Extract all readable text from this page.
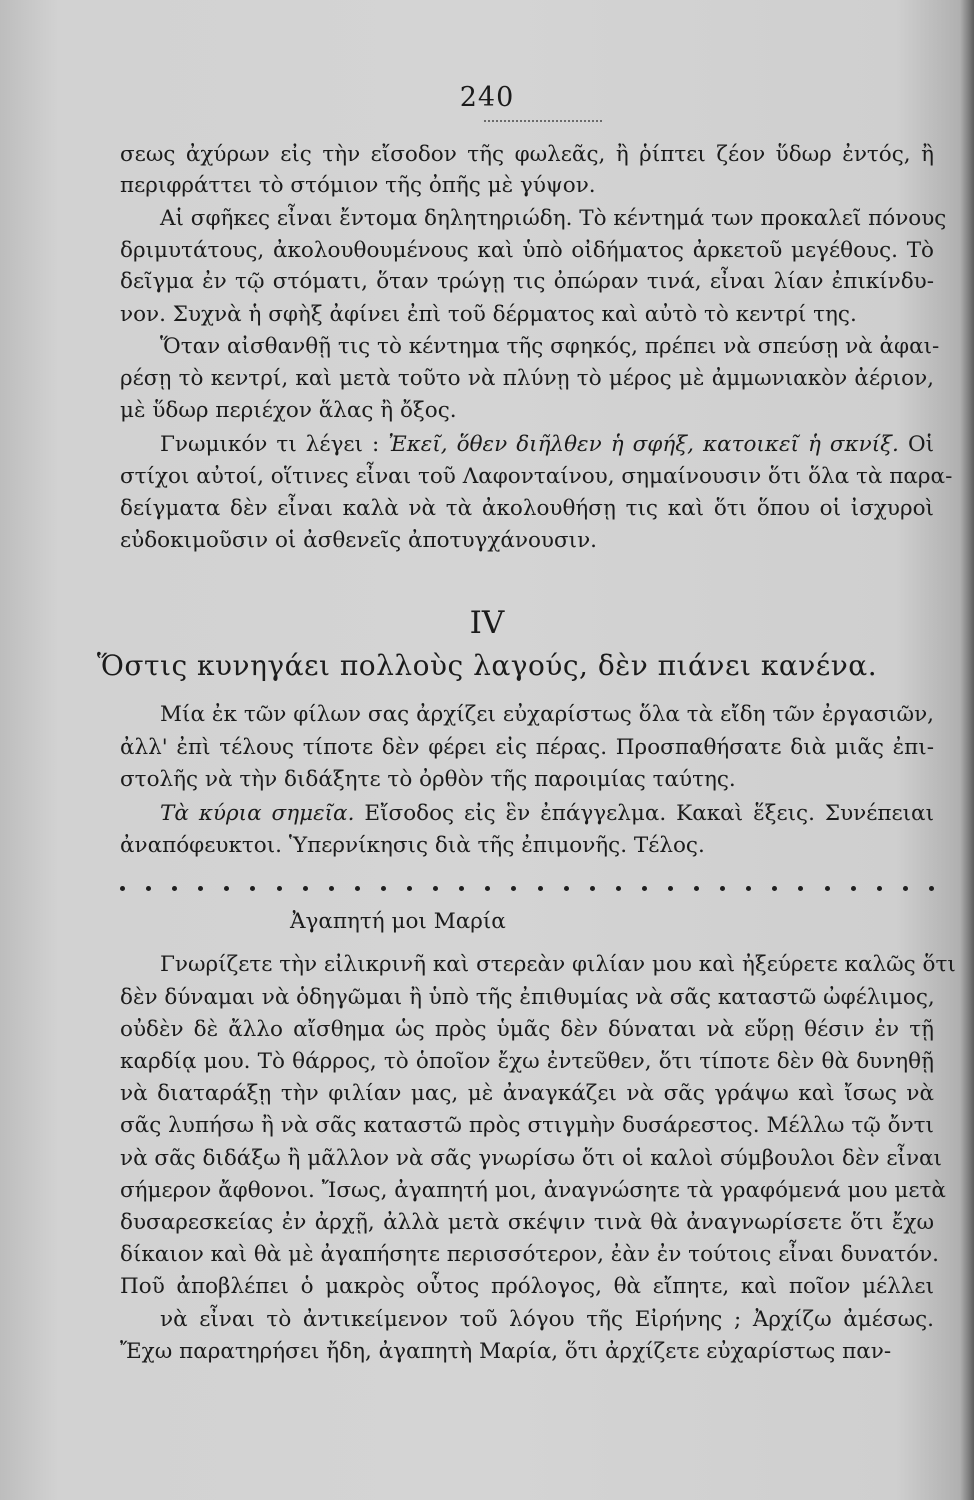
240
σεως ἀχύρων εἰς τὴν εἴσοδον τῆς φωλεᾶς, ἢ ῥίπτει ζέον ὕδωρ ἐντός, ἢ
περιφράττει τὸ στόμιον τῆς ὀπῆς μὲ γύψον.
Αἱ σφῆκες εἶναι ἔντομα δηλητηριώδη. Τὸ κέντημά των προκαλεῖ πόνους
δριμυτάτους, ἀκολουθουμένους καὶ ὑπὸ οἰδήματος ἀρκετοῦ μεγέθους. Τὸ
δεῖγμα ἐν τῷ στόματι, ὅταν τρώγῃ τις ὀπώραν τινά, εἶναι λίαν ἐπικίνδυ-
νον. Συχνὰ ἡ σφὴξ ἀφίνει ἐπὶ τοῦ δέρματος καὶ αὐτὸ τὸ κεντρί της.
Ὅταν αἰσθανθῇ τις τὸ κέντημα τῆς σφηκός, πρέπει νὰ σπεύσῃ νὰ ἀφαι-
ρέσῃ τὸ κεντρί, καὶ μετὰ τοῦτο νὰ πλύνῃ τὸ μέρος μὲ ἀμμωνιακὸν ἀέριον,
μὲ ὕδωρ περιέχον ἅλας ἢ ὄξος.
Γνωμικόν τι λέγει : Ἐκεῖ, ὅθεν διῆλθεν ἡ σφήξ, κατοικεῖ ἡ σκνίξ. Οἱ
στίχοι αὐτοί, οἵτινες εἶναι τοῦ Λαφονταίνου, σημαίνουσιν ὅτι ὅλα τὰ παρα-
δείγματα δὲν εἶναι καλὰ νὰ τὰ ἀκολουθήσῃ τις καὶ ὅτι ὅπου οἱ ἰσχυροὶ
εὐδοκιμοῦσιν οἱ ἀσθενεῖς ἀποτυγχάνουσιν.
IV
Ὅστις κυνηγάει πολλοὺς λαγούς, δὲν πιάνει κανένα.
Μία ἐκ τῶν φίλων σας ἀρχίζει εὐχαρίστως ὅλα τὰ εἴδη τῶν ἐργασιῶν,
ἀλλ' ἐπὶ τέλους τίποτε δὲν φέρει εἰς πέρας. Προσπαθήσατε διὰ μιᾶς ἐπι-
στολῆς νὰ τὴν διδάξητε τὸ ὀρθὸν τῆς παροιμίας ταύτης.
Τὰ κύρια σημεῖα. Εἴσοδος εἰς ἓν ἐπάγγελμα. Κακαὶ ἕξεις. Συνέπειαι
ἀναπόφευκτοι. Ὑπερνίκησις διὰ τῆς ἐπιμονῆς. Τέλος.
Ἀγαπητή μοι Μαρία
Γνωρίζετε τὴν εἰλικρινῆ καὶ στερεὰν φιλίαν μου καὶ ἠξεύρετε καλῶς ὅτι
δὲν δύναμαι νὰ ὁδηγῶμαι ἢ ὑπὸ τῆς ἐπιθυμίας νὰ σᾶς καταστῶ ὠφέλιμος,
οὐδὲν δὲ ἄλλο αἴσθημα ὡς πρὸς ὑμᾶς δὲν δύναται νὰ εὕρῃ θέσιν ἐν τῇ
καρδίᾳ μου. Τὸ θάρρος, τὸ ὁποῖον ἔχω ἐντεῦθεν, ὅτι τίποτε δὲν θὰ δυνηθῇ
νὰ διαταράξῃ τὴν φιλίαν μας, μὲ ἀναγκάζει νὰ σᾶς γράψω καὶ ἴσως νὰ
σᾶς λυπήσω ἢ νὰ σᾶς καταστῶ πρὸς στιγμὴν δυσάρεστος. Μέλλω τῷ ὄντι
νὰ σᾶς διδάξω ἢ μᾶλλον νὰ σᾶς γνωρίσω ὅτι οἱ καλοὶ σύμβουλοι δὲν εἶναι
σήμερον ἄφθονοι. Ἴσως, ἀγαπητή μοι, ἀναγνώσητε τὰ γραφόμενά μου μετὰ
δυσαρεσκείας ἐν ἀρχῇ, ἀλλὰ μετὰ σκέψιν τινὰ θὰ ἀναγνωρίσετε ὅτι ἔχω
δίκαιον καὶ θὰ μὲ ἀγαπήσητε περισσότερον, ἐὰν ἐν τούτοις εἶναι δυνατόν.
Ποῦ ἀποβλέπει ὁ μακρὸς οὗτος πρόλογος, θὰ εἴπητε, καὶ ποῖον μέλλει
νὰ εἶναι τὸ ἀντικείμενον τοῦ λόγου τῆς Εἰρήνης ; Ἀρχίζω ἀμέσως.
Ἔχω παρατηρήσει ἤδη, ἀγαπητὴ Μαρία, ὅτι ἀρχίζετε εὐχαρίστως παν-
